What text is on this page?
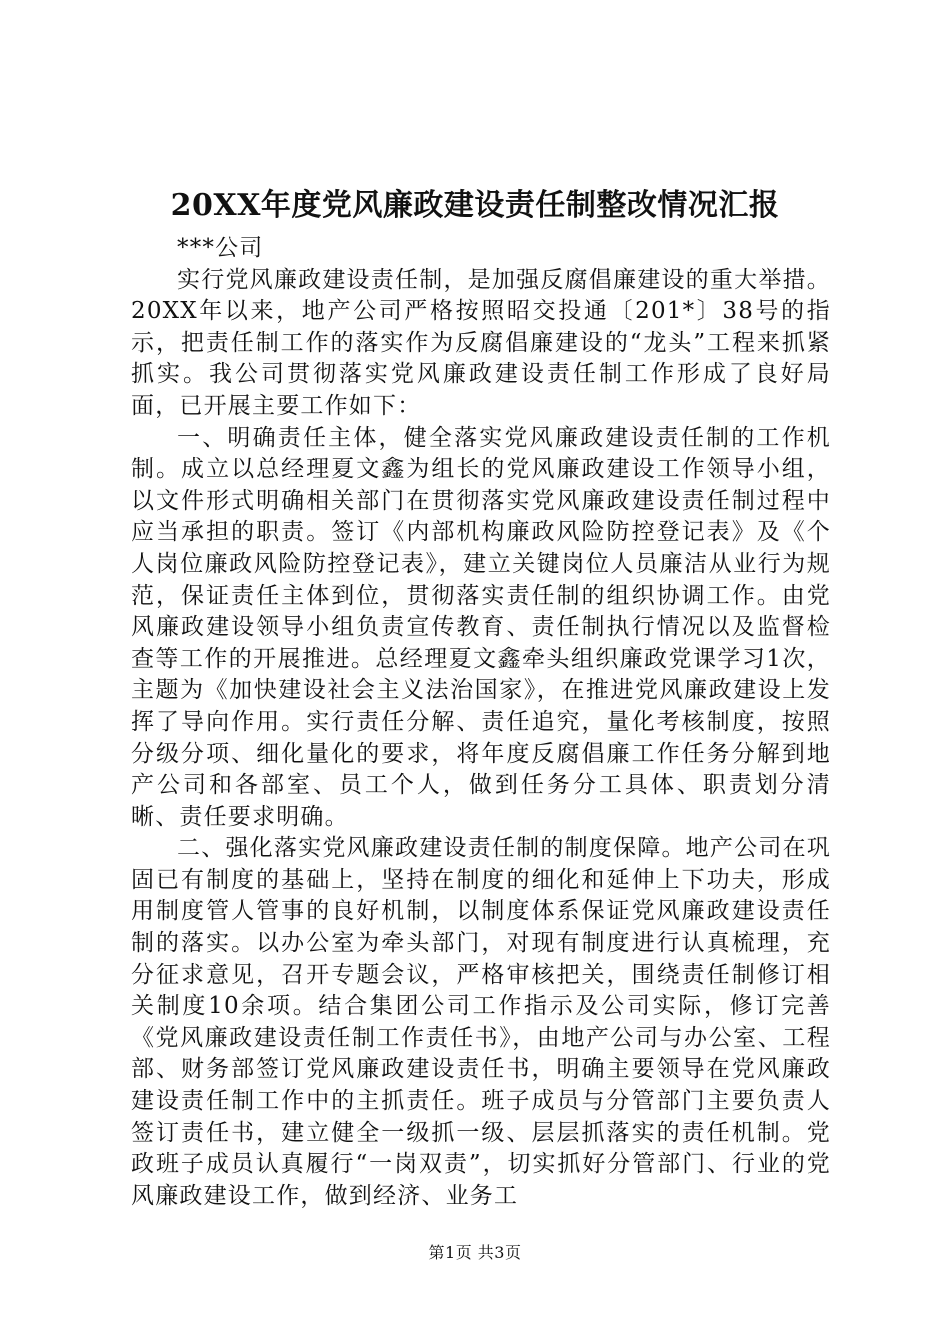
20XX年度党风廉政建设责任制整改情况汇报

***公司

实行党风廉政建设责任制，是加强反腐倡廉建设的重大举措。20XX年以来，地产公司严格按照昭交投通〔201*〕38号的指示，把责任制工作的落实作为反腐倡廉建设的“龙头”工程来抓紧抓实。我公司贯彻落实党风廉政建设责任制工作形成了良好局面，已开展主要工作如下：

一、明确责任主体，健全落实党风廉政建设责任制的工作机制。成立以总经理夏文鑫为组长的党风廉政建设工作领导小组，以文件形式明确相关部门在贯彻落实党风廉政建设责任制过程中应当承担的职责。签订《内部机构廉政风险防控登记表》及《个人岗位廉政风险防控登记表》，建立关键岗位人员廉洁从业行为规范，保证责任主体到位，贯彻落实责任制的组织协调工作。由党风廉政建设领导小组负责宣传教育、责任制执行情况以及监督检查等工作的开展推进。总经理夏文鑫牵头组织廉政党课学习1次，主题为《加快建设社会主义法治国家》，在推进党风廉政建设上发挥了导向作用。实行责任分解、责任追究，量化考核制度，按照分级分项、细化量化的要求，将年度反腐倡廉工作任务分解到地产公司和各部室、员工个人，做到任务分工具体、职责划分清晰、责任要求明确。

二、强化落实党风廉政建设责任制的制度保障。地产公司在巩固已有制度的基础上，坚持在制度的细化和延伸上下功夫，形成用制度管人管事的良好机制，以制度体系保证党风廉政建设责任制的落实。以办公室为牵头部门，对现有制度进行认真梳理，充分征求意见，召开专题会议，严格审核把关，围绕责任制修订相关制度10余项。结合集团公司工作指示及公司实际，修订完善《党风廉政建设责任制工作责任书》，由地产公司与办公室、工程部、财务部签订党风廉政建设责任书，明确主要领导在党风廉政建设责任制工作中的主抓责任。班子成员与分管部门主要负责人签订责任书，建立健全一级抓一级、层层抓落实的责任机制。党政班子成员认真履行“一岗双责”，切实抓好分管部门、行业的党风廉政建设工作，做到经济、业务工

第1页 共3页
